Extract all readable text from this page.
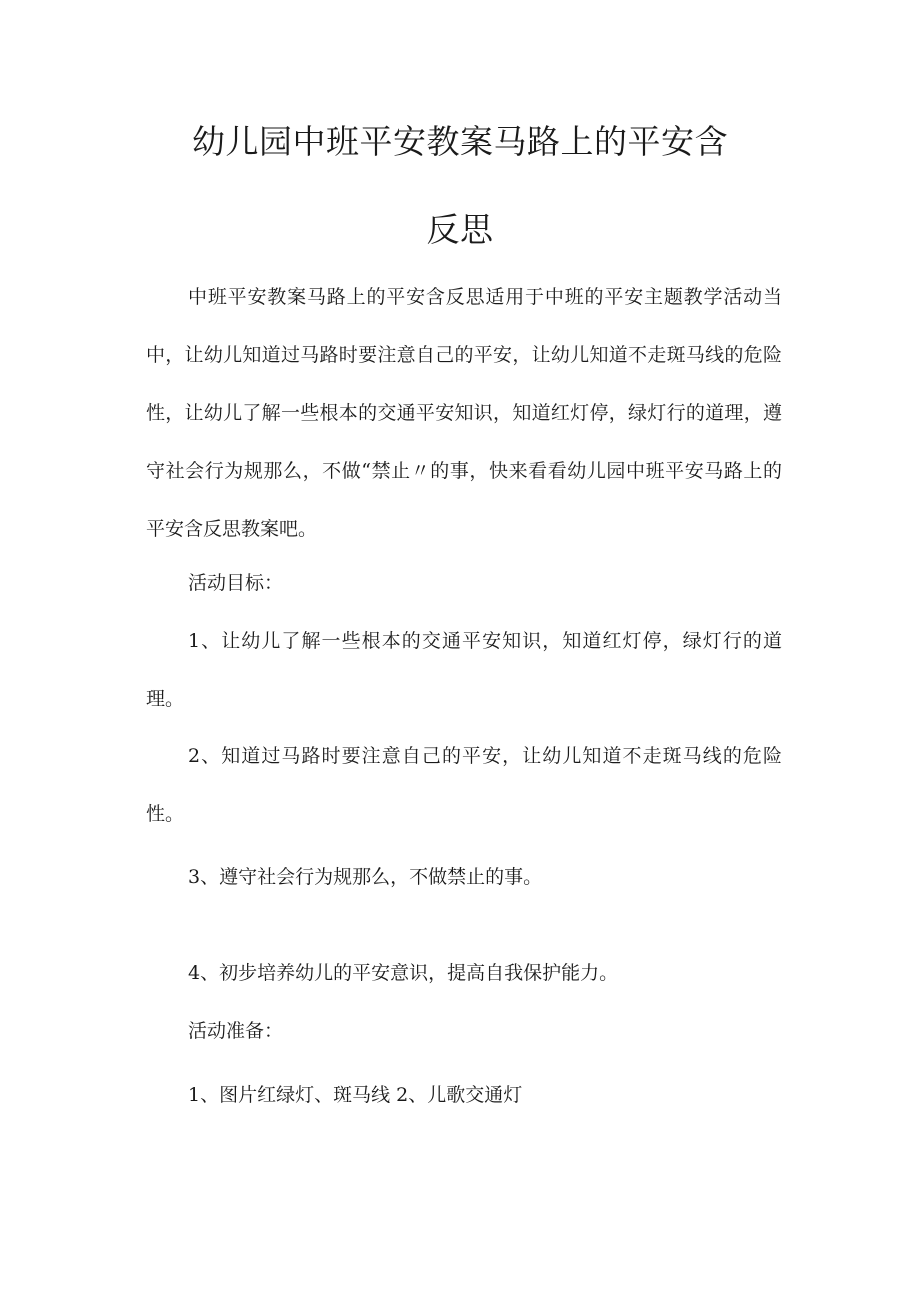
幼儿园中班平安教案马路上的平安含
反思

中班平安教案马路上的平安含反思适用于中班的平安主题教学活动当中，让幼儿知道过马路时要注意自己的平安，让幼儿知道不走斑马线的危险性，让幼儿了解一些根本的交通平安知识，知道红灯停，绿灯行的道理，遵守社会行为规那么，不做“禁止〃的事，快来看看幼儿园中班平安马路上的平安含反思教案吧。

活动目标：

1、让幼儿了解一些根本的交通平安知识，知道红灯停，绿灯行的道理。

2、知道过马路时要注意自己的平安，让幼儿知道不走斑马线的危险性。

3、遵守社会行为规那么，不做禁止的事。

4、初步培养幼儿的平安意识，提高自我保护能力。

活动准备：

1、图片红绿灯、斑马线 2、儿歌交通灯
